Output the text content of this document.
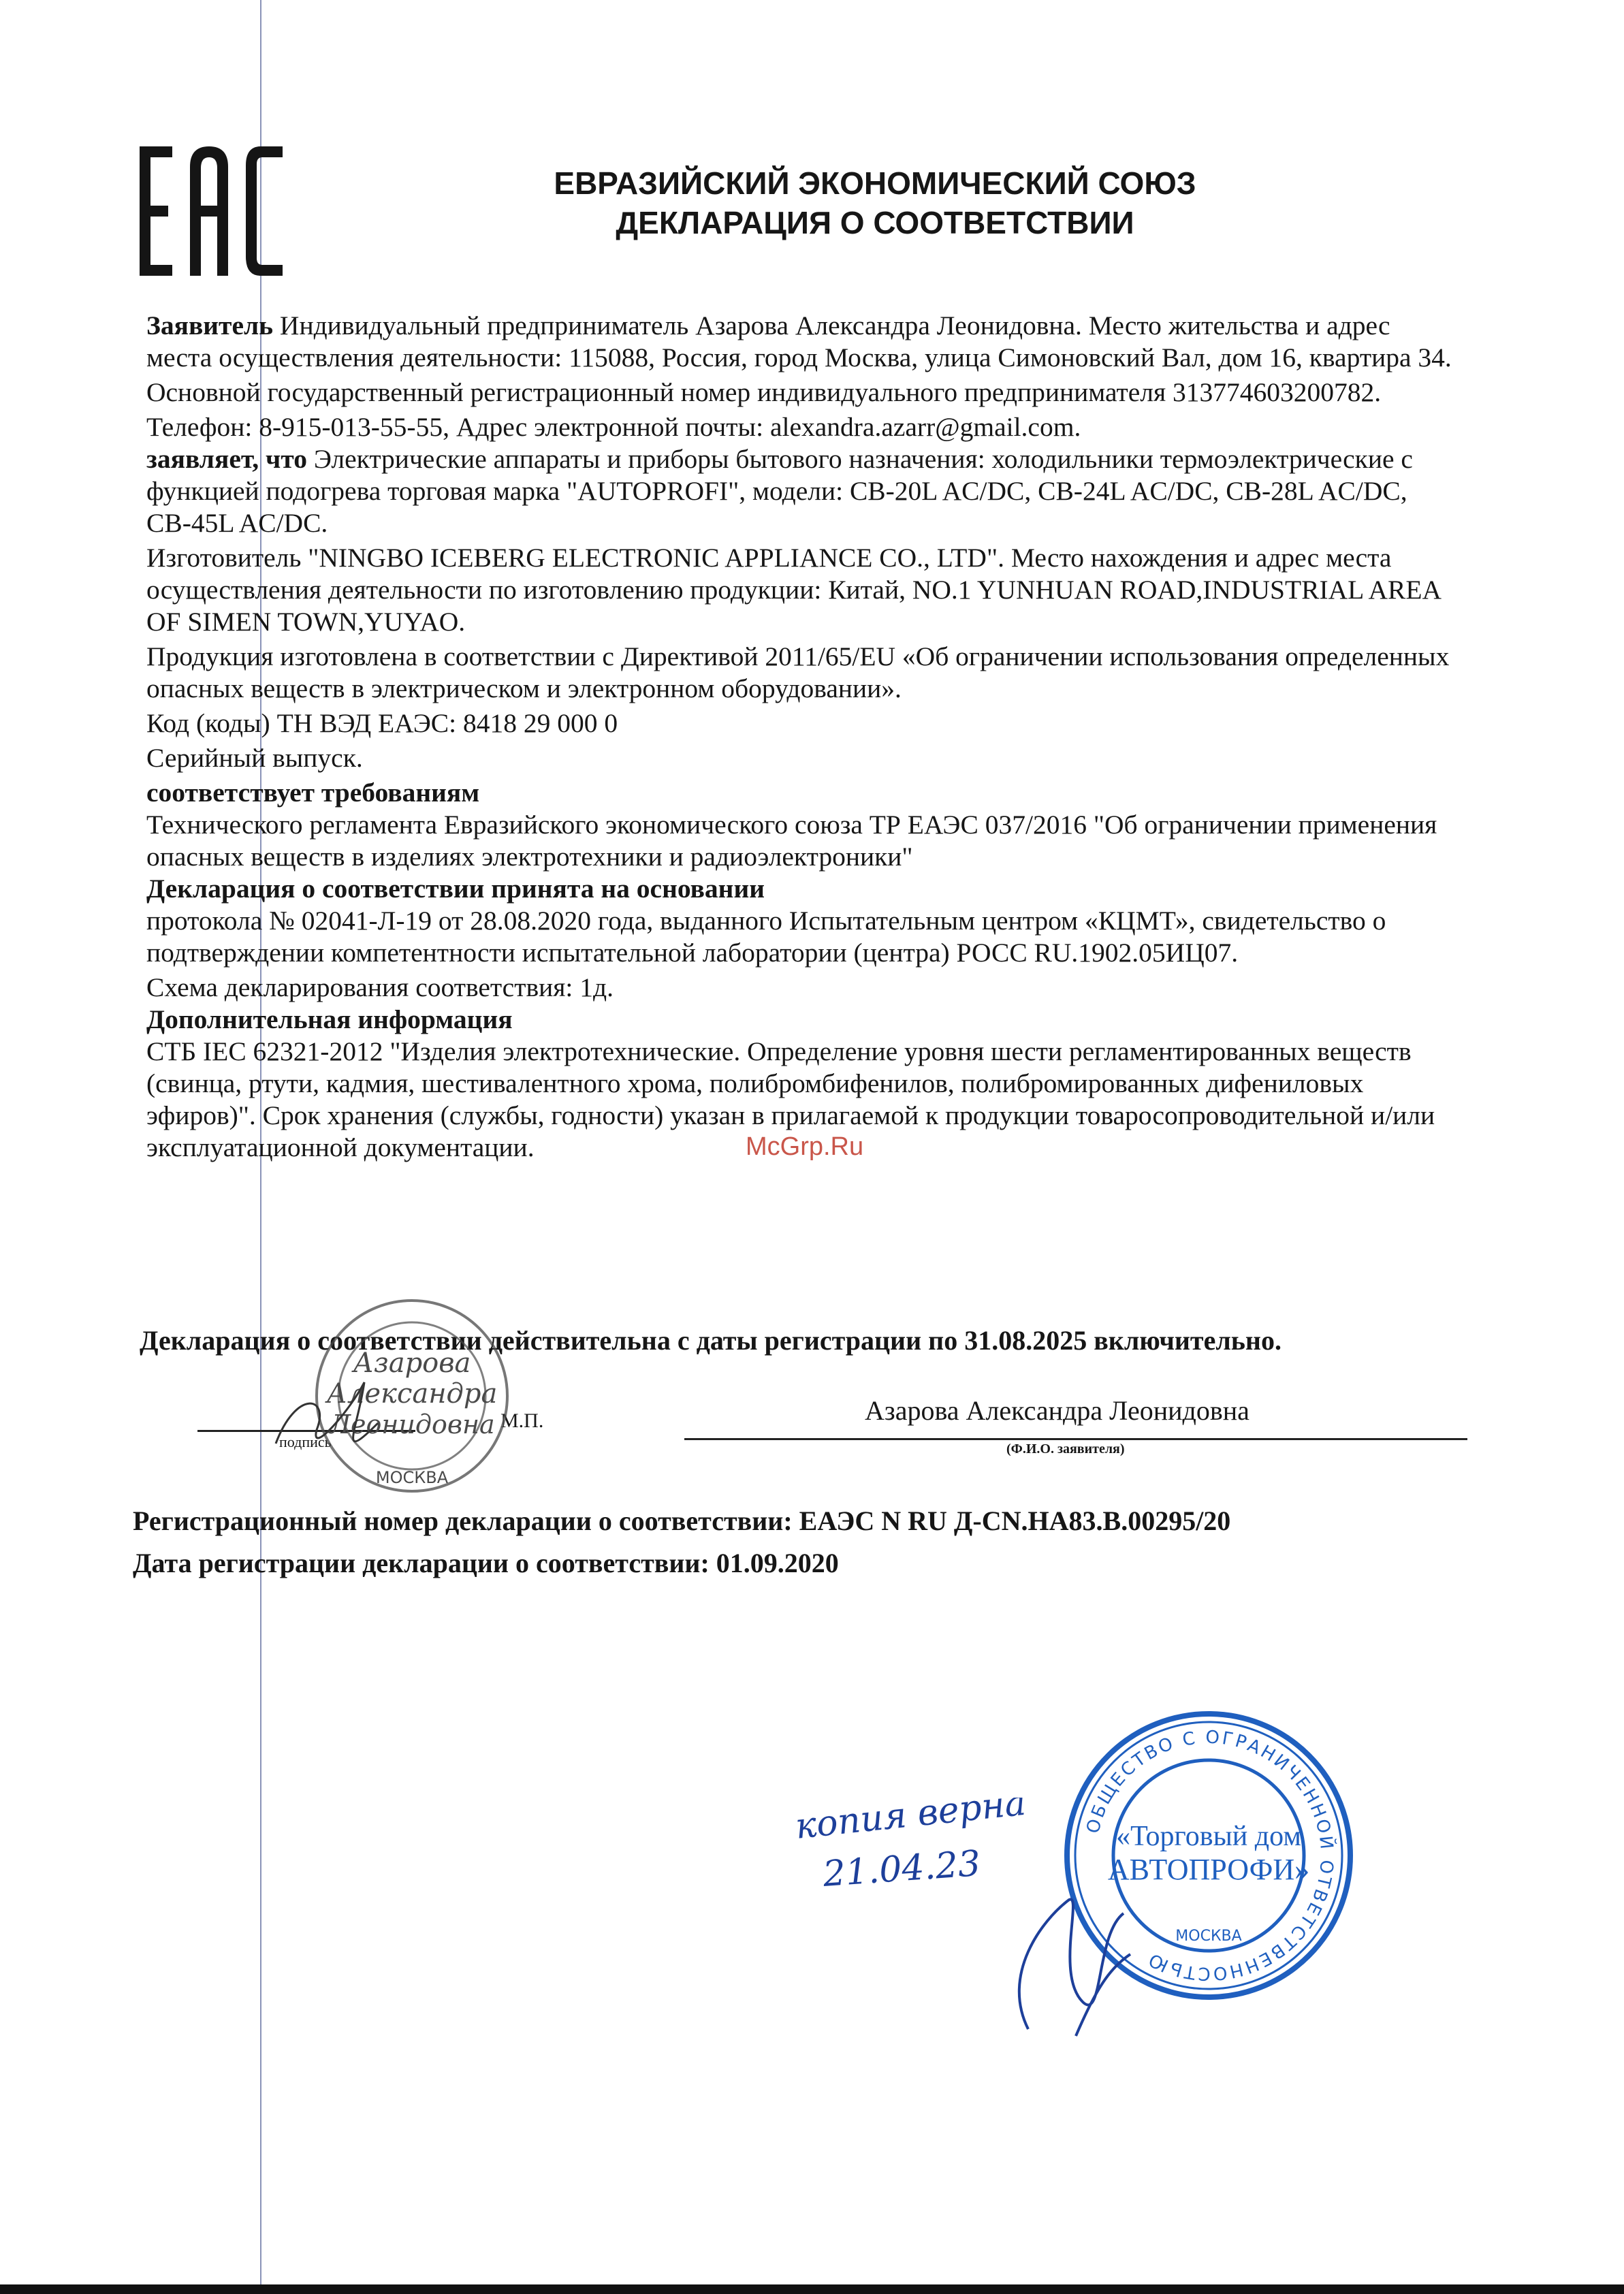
ЕВРАЗИЙСКИЙ ЭКОНОМИЧЕСКИЙ СОЮЗ
ДЕКЛАРАЦИЯ О СООТВЕТСТВИИ

Заявитель Индивидуальный предприниматель Азарова Александра Леонидовна. Место жительства и адрес места осуществления деятельности: 115088, Россия, город Москва, улица Симоновский Вал, дом 16, квартира 34.

Основной государственный регистрационный номер индивидуального предпринимателя 313774603200782.

Телефон: 8-915-013-55-55, Адрес электронной почты: alexandra.azarr@gmail.com.

заявляет, что Электрические аппараты и приборы бытового назначения: холодильники термоэлектрические с функцией подогрева торговая марка "AUTOPROFI", модели: CB-20L AC/DC, CB-24L AC/DC, CB-28L AC/DC, CB-45L AC/DC.

Изготовитель "NINGBO ICEBERG ELECTRONIC APPLIANCE CO., LTD". Место нахождения и адрес места осуществления деятельности по изготовлению продукции: Китай, NO.1 YUNHUAN ROAD,INDUSTRIAL AREA OF SIMEN TOWN,YUYAO.

Продукция изготовлена в соответствии с Директивой 2011/65/EU «Об ограничении использования определенных опасных веществ в электрическом и электронном оборудовании».

Код (коды) ТН ВЭД ЕАЭС: 8418 29 000 0

Серийный выпуск.

соответствует требованиям

Технического регламента Евразийского экономического союза ТР ЕАЭС 037/2016 "Об ограничении применения опасных веществ в изделиях электротехники и радиоэлектроники"

Декларация о соответствии принята на основании

протокола № 02041-Л-19 от 28.08.2020 года, выданного Испытательным центром «КЦМТ», свидетельство о подтверждении компетентности испытательной лаборатории (центра) РОСС RU.1902.05ИЦ07.

Схема декларирования соответствия: 1д.

Дополнительная информация

СТБ IEC 62321-2012 "Изделия электротехнические. Определение уровня шести регламентированных веществ (свинца, ртути, кадмия, шестивалентного хрома, полибромбифенилов, полибромированных дифениловых эфиров)". Срок хранения (службы, годности) указан в прилагаемой к продукции товаросопроводительной и/или эксплуатационной документации.

Декларация о соответствии действительна с даты регистрации по 31.08.2025 включительно.
подпись
М.П.	Азарова Александра Леонидовна
(Ф.И.О. заявителя)
Регистрационный номер декларации о соответствии: ЕАЭС N RU Д-CN.НА83.В.00295/20
Дата регистрации декларации о соответствии: 01.09.2020
McGrp.Ru
Азарова
Александра
Леонидовна
МОСКВА
ОБЩЕСТВО С ОГРАНИЧЕННОЙ ОТВЕТСТВЕННОСТЬЮ
«Торговый дом
АВТОПРОФИ»
МОСКВА
копия верна
21.04.23
